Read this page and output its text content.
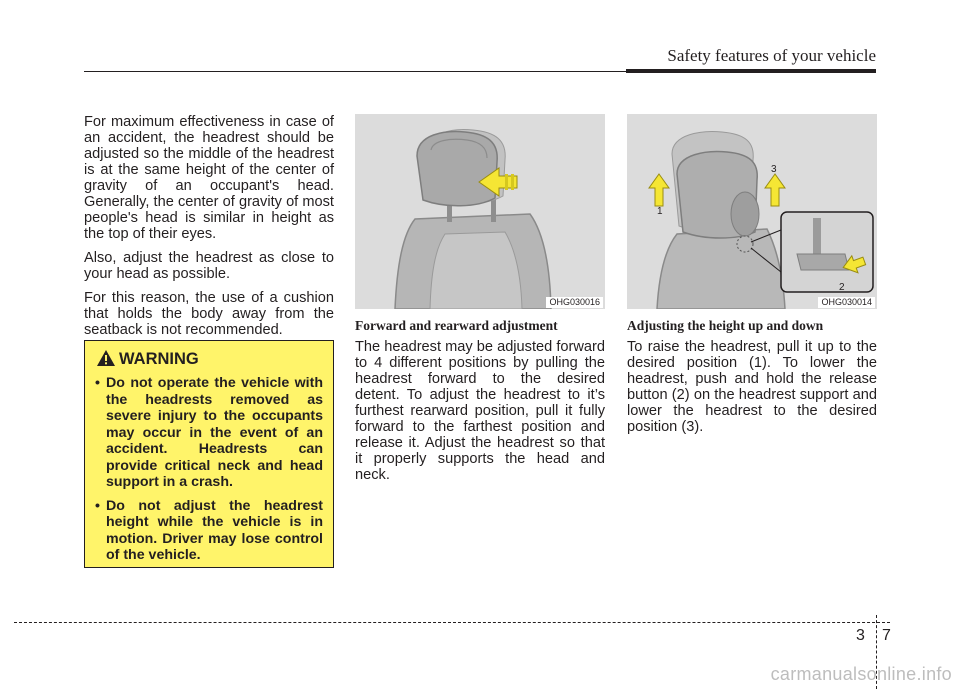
Safety features of your vehicle

For maximum effectiveness in case of an accident, the headrest should be adjusted so the middle of the headrest is at the same height of the center of gravity of an occupant's head. Generally, the center of gravity of most people's head is similar in height as the top of their eyes.

Also, adjust the headrest as close to your head as possible.

For this reason, the use of a cushion that holds the body away from the seatback is not recommended.

WARNING
• Do not operate the vehicle with the headrests removed as severe injury to the occupants may occur in the event of an accident. Headrests can provide critical neck and head support in a crash.
• Do not adjust the headrest height while the vehicle is in motion. Driver may lose control of the vehicle.
OHG030016
Forward and rearward adjustment

The headrest may be adjusted forward to 4 different positions by pulling the headrest forward to the desired detent. To adjust the headrest to it’s furthest rearward position, pull it fully forward to the farthest position and release it. Adjust the headrest so that it properly supports the head and neck.

1
3
2
OHG030014
Adjusting the height up and down

To raise the headrest, pull it up to the desired position (1). To lower the headrest, push and hold the release button (2) on the headrest support and lower the headrest to the desired position (3).

3 7
carmanualsonline.info
